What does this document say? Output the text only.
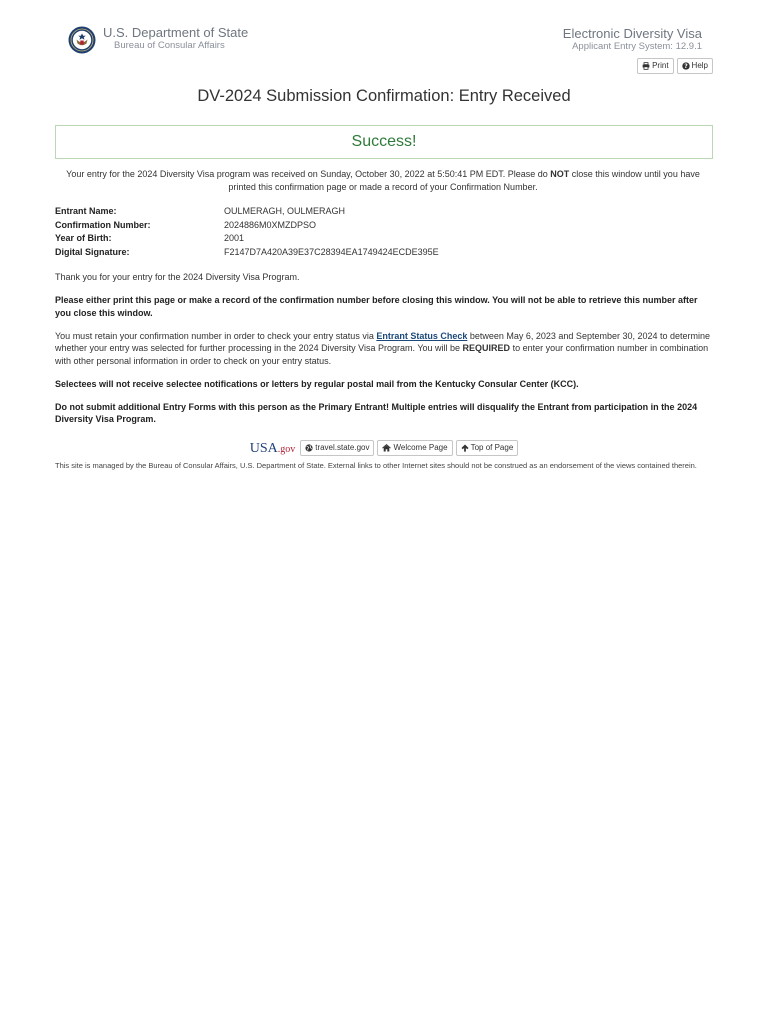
U.S. Department of State
Bureau of Consular Affairs
Electronic Diversity Visa
Applicant Entry System: 12.9.1
Print ? Help
DV-2024 Submission Confirmation: Entry Received
Success!
Your entry for the 2024 Diversity Visa program was received on Sunday, October 30, 2022 at 5:50:41 PM EDT. Please do NOT close this window until you have printed this confirmation page or made a record of your Confirmation Number.
Entrant Name:	OULMERAGH, OULMERAGH
Confirmation Number:	2024886M0XMZDPSO
Year of Birth:	2001
Digital Signature:	F2147D7A420A39E37C28394EA1749424ECDE395E

Thank you for your entry for the 2024 Diversity Visa Program.

Please either print this page or make a record of the confirmation number before closing this window. You will not be able to retrieve this number after you close this window.

You must retain your confirmation number in order to check your entry status via Entrant Status Check between May 6, 2023 and September 30, 2024 to determine whether your entry was selected for further processing in the 2024 Diversity Visa Program. You will be REQUIRED to enter your confirmation number in combination with other personal information in order to check on your entry status.

Selectees will not receive selectee notifications or letters by regular postal mail from the Kentucky Consular Center (KCC).

Do not submit additional Entry Forms with this person as the Primary Entrant! Multiple entries will disqualify the Entrant from participation in the 2024 Diversity Visa Program.

USA .gov	travel.state.gov	Welcome Page	Top of Page
This site is managed by the Bureau of Consular Affairs, U.S. Department of State. External links to other Internet sites should not be construed as an endorsement of the views contained therein.
